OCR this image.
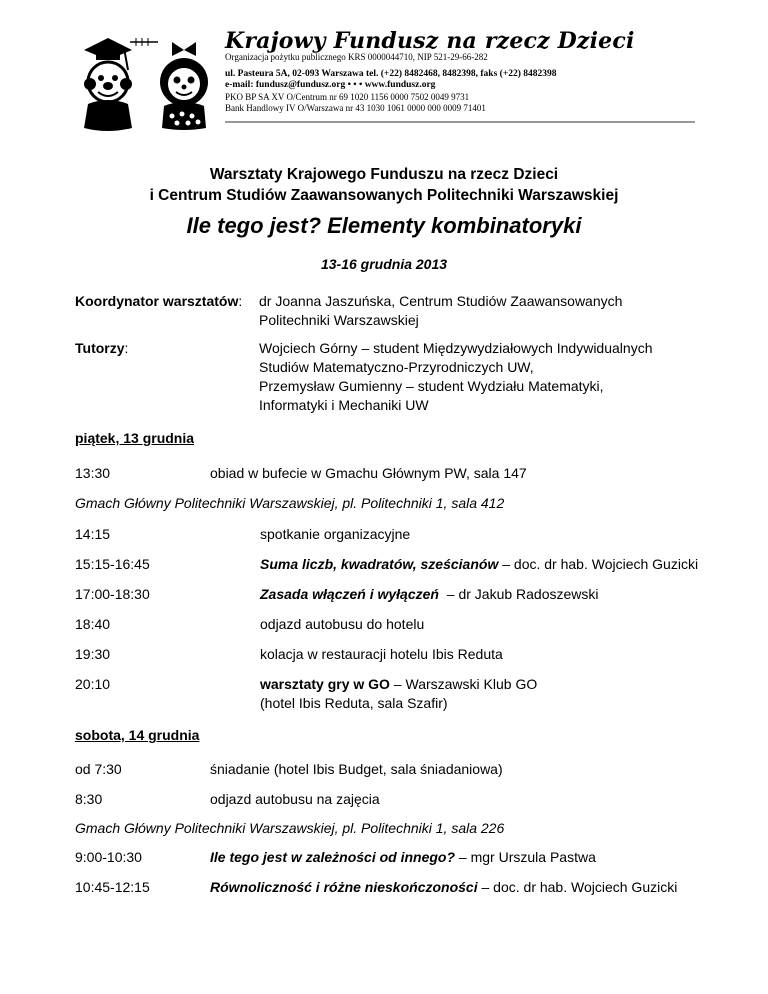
Krajowy Fundusz na rzecz Dzieci
Organizacja pożytku publicznego KRS 0000044710, NIP 521-29-66-282
ul. Pasteura 5A, 02-093 Warszawa tel. (+22) 8482468, 8482398, faks (+22) 8482398
e-mail: fundusz@fundusz.org • • • www.fundusz.org
PKO BP SA XV O/Centrum nr 69 1020 1156 0000 7502 0049 9731
Bank Handlowy IV O/Warszawa nr 43 1030 1061 0000 000 0009 71401
Warsztaty Krajowego Funduszu na rzecz Dzieci
i Centrum Studiów Zaawansowanych Politechniki Warszawskiej
Ile tego jest? Elementy kombinatoryki
13-16 grudnia 2013
Koordynator warsztatów: dr Joanna Jaszuńska, Centrum Studiów Zaawansowanych
Politechniki Warszawskiej
Tutorzy:	Wojciech Górny – student Międzywydziałowych Indywidualnych
Studiów Matematyczno-Przyrodniczych UW,
Przemysław Gumienny – student Wydziału Matematyki,
Informatyki i Mechaniki UW
piątek, 13 grudnia
13:30	obiad w bufecie w Gmachu Głównym PW, sala 147
Gmach Główny Politechniki Warszawskiej, pl. Politechniki 1, sala 412
14:15	spotkanie organizacyjne
15:15-16:45	Suma liczb, kwadratów, sześcianów – doc. dr hab. Wojciech Guzicki
17:00-18:30	Zasada włączeń i wyłączeń  – dr Jakub Radoszewski
18:40	odjazd autobusu do hotelu
19:30	kolacja w restauracji hotelu Ibis Reduta
20:10	warsztaty gry w GO – Warszawski Klub GO
(hotel Ibis Reduta, sala Szafir)
sobota, 14 grudnia
od 7:30	śniadanie (hotel Ibis Budget, sala śniadaniowa)
8:30	odjazd autobusu na zajęcia
Gmach Główny Politechniki Warszawskiej, pl. Politechniki 1, sala 226
9:00-10:30	Ile tego jest w zależności od innego? – mgr Urszula Pastwa
10:45-12:15	Równoliczność i różne nieskończoności – doc. dr hab. Wojciech Guzicki
